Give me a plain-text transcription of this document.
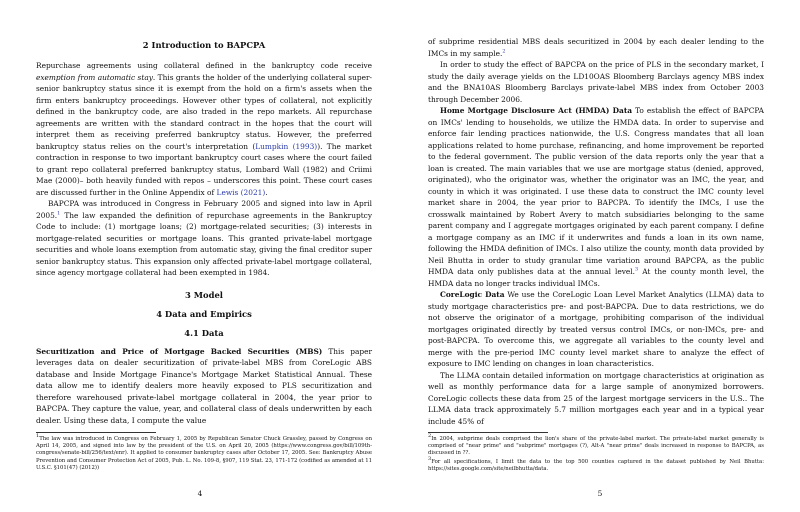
2 Introduction to BAPCPA

Repurchase agreements using collateral defined in the bankruptcy code receive exemption from automatic stay. This grants the holder of the underlying collateral super-senior bankruptcy status since it is exempt from the hold on a firm's assets when the firm enters bankruptcy proceedings. However other types of collateral, not explicitly defined in the bankruptcy code, are also traded in the repo markets. All repurchase agreements are written with the standard contract in the hopes that the court will interpret them as receiving preferred bankruptcy status. However, the preferred bankruptcy status relies on the court's interpretation (Lumpkin (1993)). The market contraction in response to two important bankruptcy court cases where the court failed to grant repo collateral preferred bankruptcy status, Lombard Wall (1982) and Criimi Mae (2000)– both heavily funded with repos – underscores this point. These court cases are discussed further in the Online Appendix of Lewis (2021).

BAPCPA was introduced in Congress in February 2005 and signed into law in April 2005.$^1$ The law expanded the definition of repurchase agreements in the Bankruptcy Code to include: (1) mortgage loans; (2) mortgage-related securities; (3) interests in mortgage-related securities or mortgage loans. This granted private-label mortgage securities and whole loans exemption from automatic stay, giving the final creditor super senior bankruptcy status. This expansion only affected private-label mortgage collateral, since agency mortgage collateral had been exempted in 1984.

3 Model

4 Data and Empirics

4.1 Data

Securitization and Price of Mortgage Backed Securities (MBS) This paper leverages data on dealer securitization of private-label MBS from CoreLogic ABS database and Inside Mortgage Finance's Mortgage Market Statistical Annual. These data allow me to identify dealers more heavily exposed to PLS securitization and therefore warehoused private-label mortgage collateral in 2004, the year prior to BAPCPA. They capture the value, year, and collateral class of deals underwritten by each dealer. Using these data, I compute the value

$^1$The law was introduced in Congress on February 1, 2005 by Republican Senator Chuck Grassley, passed by Congress on April 14, 2005, and signed into law by the president of the U.S. on April 20, 2005 (https://www.congress.gov/bill/109th-congress/senate-bill/256/text/enr). It applied to consumer bankruptcy cases after October 17, 2005. See: Bankruptcy Abuse Prevention and Consumer Protection Act of 2005, Pub. L. No. 109-8, §907, 119 Stat. 23, 171-172 (codified as amended at 11 U.S.C. §101(47) (2012))

4

of subprime residential MBS deals securitized in 2004 by each dealer lending to the IMCs in my sample.$^2$

In order to study the effect of BAPCPA on the price of PLS in the secondary market, I study the daily average yields on the LD10OAS Bloomberg Barclays agency MBS index and the BNA10AS Bloomberg Barclays private-label MBS index from October 2003 through December 2006.

Home Mortgage Disclosure Act (HMDA) Data To establish the effect of BAPCPA on IMCs' lending to households, we utilize the HMDA data. In order to supervise and enforce fair lending practices nationwide, the U.S. Congress mandates that all loan applications related to home purchase, refinancing, and home improvement be reported to the federal government. The public version of the data reports only the year that a loan is created. The main variables that we use are mortgage status (denied, approved, originated), who the originator was, whether the originator was an IMC, the year, and county in which it was originated. I use these data to construct the IMC county level market share in 2004, the year prior to BAPCPA. To identify the IMCs, I use the crosswalk maintained by Robert Avery to match subsidiaries belonging to the same parent company and I aggregate mortgages originated by each parent company. I define a mortgage company as an IMC if it underwrites and funds a loan in its own name, following the HMDA definition of IMCs. I also utilize the county, month data provided by Neil Bhutta in order to study granular time variation around BAPCPA, as the public HMDA data only publishes data at the annual level.$^3$ At the county month level, the HMDA data no longer tracks individual IMCs.

CoreLogic Data We use the CoreLogic Loan Level Market Analytics (LLMA) data to study mortgage characteristics pre- and post-BAPCPA. Due to data restrictions, we do not observe the originator of a mortgage, prohibiting comparison of the individual mortgages originated directly by treated versus control IMCs, or non-IMCs, pre- and post-BAPCPA. To overcome this, we aggregate all variables to the county level and merge with the pre-period IMC county level market share to analyze the effect of exposure to IMC lending on changes in loan characteristics.

The LLMA contain detailed information on mortgage characteristics at origination as well as monthly performance data for a large sample of anonymized borrowers. CoreLogic collects these data from 25 of the largest mortgage servicers in the U.S.. The LLMA data track approximately 5.7 million mortgages each year and in a typical year include 45% of

$^2$In 2004, subprime deals comprised the lion's share of the private-label market. The private-label market generally is comprised of "near prime" and "subprime" mortgages (?), Alt-A "near prime" deals increased in response to BAPCPA, as discussed in ??.

$^3$For all specifications, I limit the data to the top 500 counties captured in the dataset published by Neil Bhutta: https://sites.google.com/site/neilbhutta/data.

5
